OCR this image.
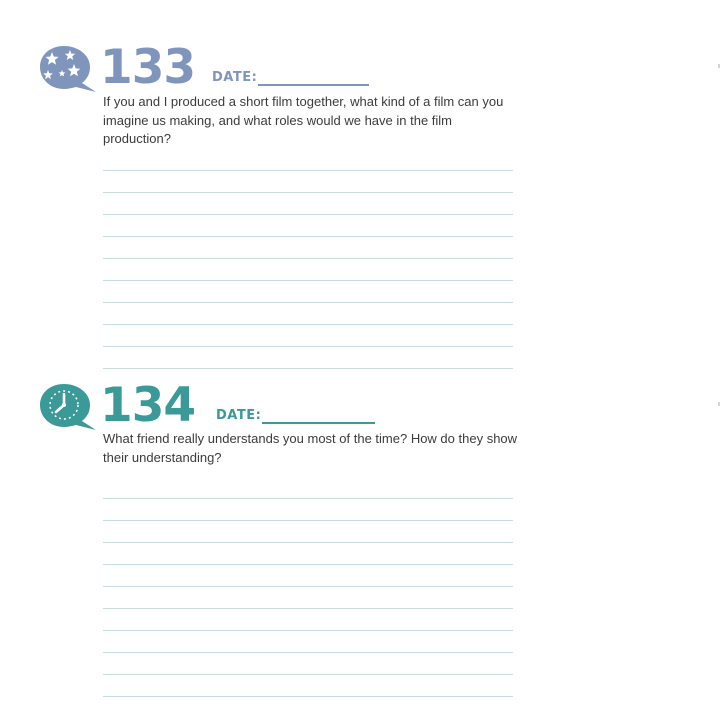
133 DATE:
If you and I produced a short film together, what kind of a film can you imagine us making, and what roles would we have in the film production?
134 DATE:
What friend really understands you most of the time? How do they show their understanding?
